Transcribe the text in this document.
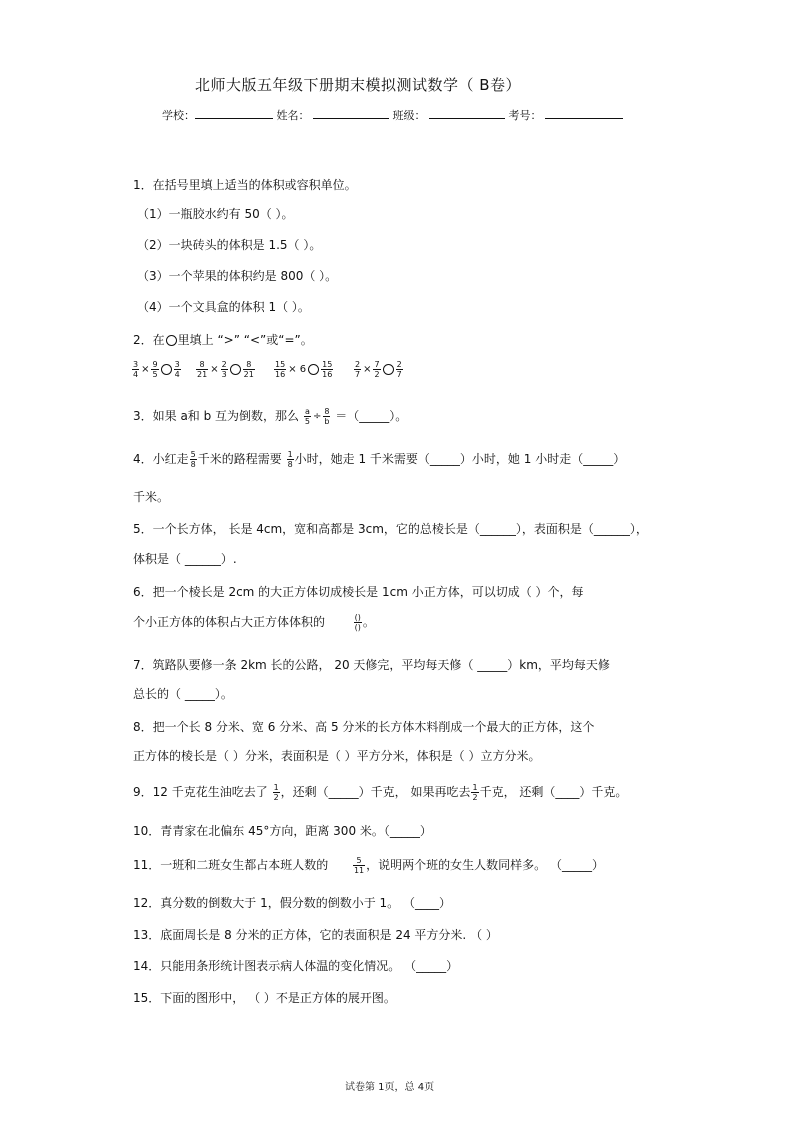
北师大版五年级下册期末模拟测试数学（ B卷）
学校：	姓名：	班级：	考号：
1．在括号里填上适当的体积或容积单位。
（1）一瓶胶水约有 50（ ）。
（2）一块砖头的体积是 1.5（ ）。
（3）一个苹果的体积约是 800（ ）。
（4）一个文具盒的体积 1（ ）。
2．在 里填上 “>” “<”或“=”。
$\frac{3}{4} \times \frac{9}{5} \frac{3}{4} \frac{8}{21} \times \frac{2}{3} \frac{8}{21} \frac{15}{16} \times 6 \frac{15}{16}$	$\frac{2}{7} \times \frac{7}{2} \frac{2}{7}$
3．如果 a和 b 互为倒数，那么 $\frac{a}{5} \div \frac{8}{b}$ ＝（_____）。
4．小红走 $\frac{5}{8}$ 千米的路程需要 $\frac{1}{8}$ 小时，她走 1 千米需要（_____）小时，她 1 小时走（_____）
千米。
5．一个长方体， 长是 4cm，宽和高都是 3cm，它的总棱长是（______），表面积是（______），
体积是（ ______）.
6．把一个棱长是 2cm 的大正方体切成棱长是 1cm 小正方体，可以切成（ ）个，每
个小正方体的体积占大正方体体积的	$\frac{()}{()}$ 。
7．筑路队要修一条 2km 长的公路， 20 天修完，平均每天修（ _____）km，平均每天修
总长的（ _____）。
8．把一个长 8 分米、宽 6 分米、高 5 分米的长方体木料削成一个最大的正方体，这个
正方体的棱长是（ ）分米，表面积是（ ）平方分米，体积是（ ）立方分米。
9．12 千克花生油吃去了 $\frac{1}{2}$ ，还剩（_____）千克， 如果再吃去 $\frac{1}{2}$ 千克， 还剩（____）千克。
10．青青家在北偏东 45°方向，距离 300 米。（_____）
11．一班和二班女生都占本班人数的	$\frac{5}{11}$ ，说明两个班的女生人数同样多。 （_____）
12．真分数的倒数大于 1，假分数的倒数小于 1。 （____）
13．底面周长是 8 分米的正方体，它的表面积是 24 平方分米. （ ）
14．只能用条形统计图表示病人体温的变化情况。 （_____）
15．下面的图形中， （ ）不是正方体的展开图。
试卷第 1页，总 4页
